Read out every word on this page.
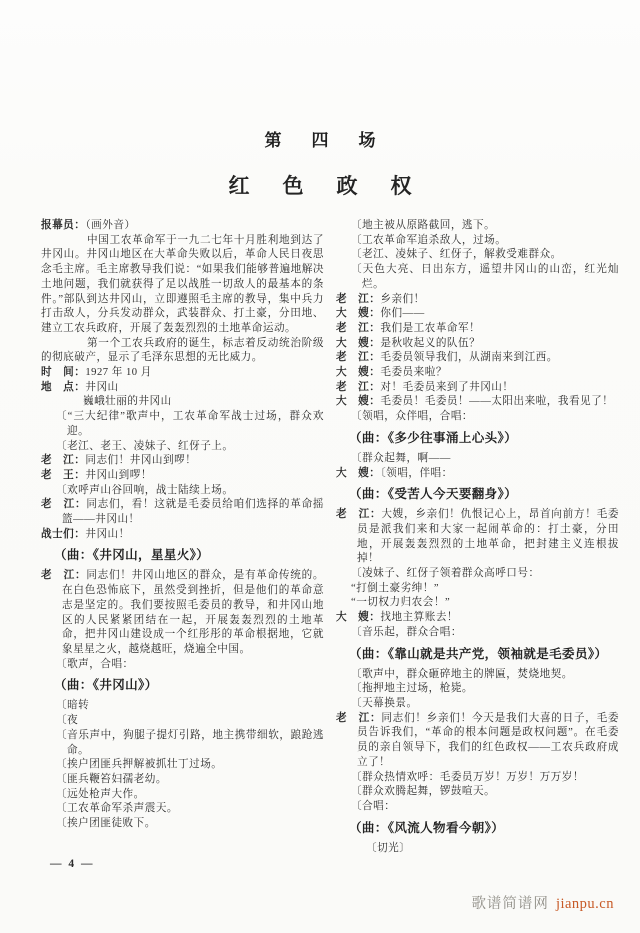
第四场
红色政权

报幕员：（画外音）

中国工农革命军于一九二七年十月胜利地到达了井冈山。井冈山地区在大革命失败以后，革命人民日夜思念毛主席。毛主席教导我们说：“如果我们能够普遍地解决土地问题，我们就获得了足以战胜一切敌人的最基本的条件。”部队到达井冈山，立即遵照毛主席的教导，集中兵力打击敌人，分兵发动群众，武装群众、打土豪，分田地、建立工农兵政府，开展了轰轰烈烈的土地革命运动。

第一个工农兵政府的诞生，标志着反动统治阶级的彻底破产，显示了毛泽东思想的无比威力。

时　间：1927 年 10 月

地　点：井冈山

巍峨壮丽的井冈山

〔“三大纪律”歌声中，工农革命军战士过场，群众欢迎。

〔老江、老王、凌妹子、红伢子上。

老　江：同志们！井冈山到啰！

老　王：井冈山到啰！

〔欢呼声山谷回响，战士陆续上场。

老　江：同志们，看！这就是毛委员给咱们选择的革命摇篮——井冈山！

战士们：井冈山！

（曲：《井冈山，星星火》）

老　江：同志们！井冈山地区的群众，是有革命传统的。在白色恐怖底下，虽然受到挫折，但是他们的革命意志是坚定的。我们要按照毛委员的教导，和井冈山地区的人民紧紧团结在一起，开展轰轰烈烈的土地革命，把井冈山建设成一个红彤彤的革命根据地，它就象星星之火，越烧越旺，烧遍全中国。

〔歌声，合唱：

（曲：《井冈山》）

〔暗转

〔夜

〔音乐声中，狗腿子提灯引路，地主携带细软，踉跄逃命。

〔挨户团匪兵押解被抓壮丁过场。

〔匪兵鞭笞妇孺老幼。

〔远处枪声大作。

〔工农革命军杀声震天。

〔挨户团匪徒败下。

〔地主被从原路截回，逃下。

〔工农革命军追杀敌人，过场。

〔老江、凌妹子、红伢子，解救受难群众。

〔天色大亮、日出东方，遥望井冈山的山峦，红光灿烂。

老　江：乡亲们！

大　嫂：你们——

老　江：我们是工农革命军！

大　嫂：是秋收起义的队伍？

老　江：毛委员领导我们，从湖南来到江西。

大　嫂：毛委员来啦？

老　江：对！毛委员来到了井冈山！

大　嫂：毛委员！毛委员！——太阳出来啦，我看见了！

〔领唱，众伴唱，合唱：

（曲：《多少往事涌上心头》）

〔群众起舞，啊——

大　嫂：〔领唱，伴唱：

（曲：《受苦人今天要翻身》）

老　江：大嫂，乡亲们！仇恨记心上，昂首向前方！毛委员是派我们来和大家一起闹革命的：打土豪，分田地，开展轰轰烈烈的土地革命，把封建主义连根拔掉！

〔凌妹子、红伢子领着群众高呼口号：

“打倒土豪劣绅！”

“一切权力归农会！”

大　嫂：找地主算账去！

〔音乐起，群众合唱：

（曲：《靠山就是共产党，领袖就是毛委员》）

〔歌声中，群众砸碎地主的牌匾，焚烧地契。

〔拖押地主过场，枪毙。

〔天幕换景。

老　江：同志们！乡亲们！今天是我们大喜的日子，毛委员告诉我们，“革命的根本问题是政权问题”。在毛委员的亲自领导下，我们的红色政权——工农兵政府成立了！

〔群众热情欢呼：毛委员万岁！万岁！万万岁！

〔群众欢腾起舞，锣鼓喧天。

〔合唱：

（曲：《风流人物看今朝》）

〔切光〕

— 4 —
歌谱简谱网 jianpu.cn
